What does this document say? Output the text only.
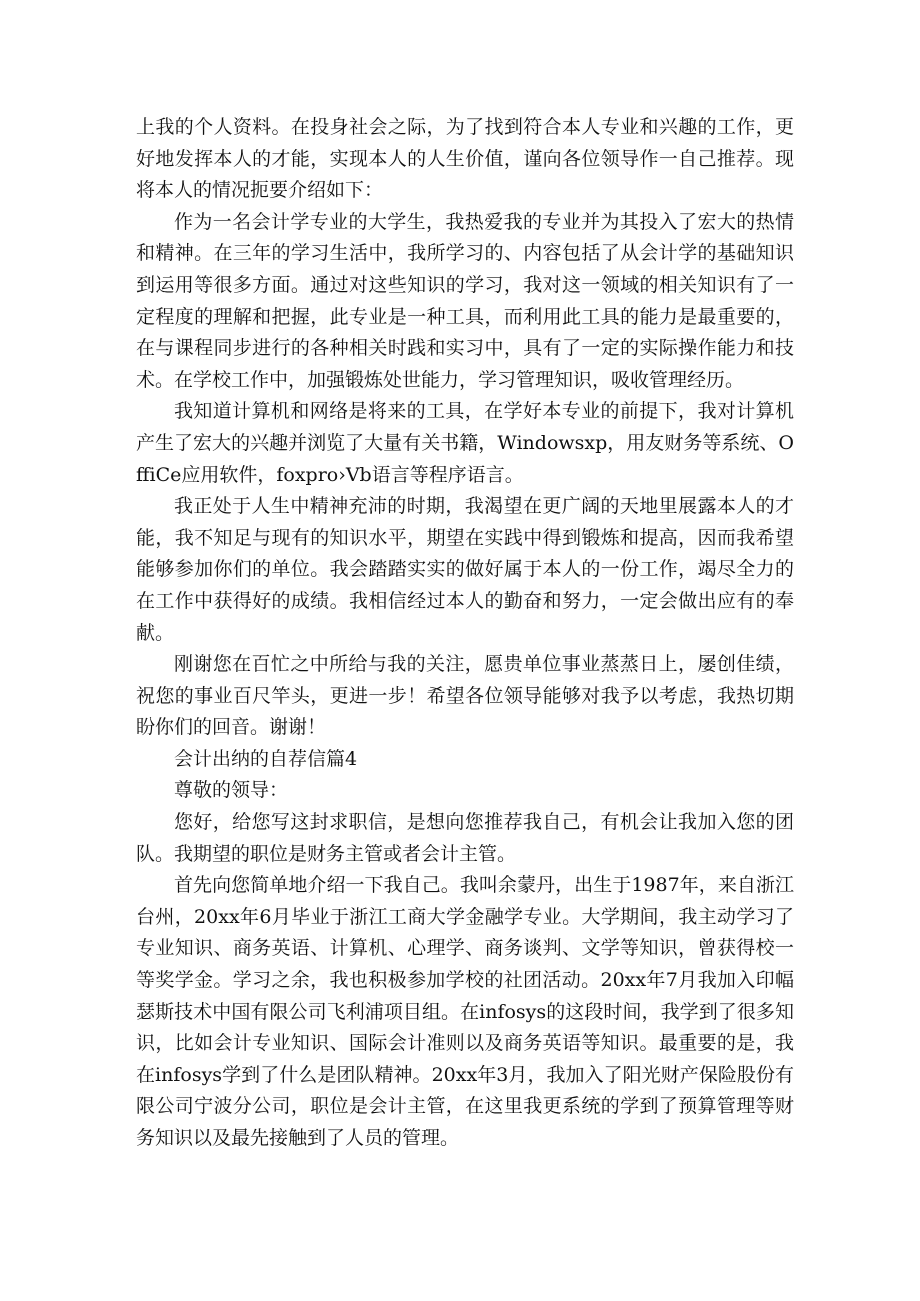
上我的个人资料。在投身社会之际，为了找到符合本人专业和兴趣的工作，更好地发挥本人的才能，实现本人的人生价值，谨向各位领导作一自己推荐。现将本人的情况扼要介绍如下：

作为一名会计学专业的大学生，我热爱我的专业并为其投入了宏大的热情和精神。在三年的学习生活中，我所学习的、内容包括了从会计学的基础知识到运用等很多方面。通过对这些知识的学习，我对这一领域的相关知识有了一定程度的理解和把握，此专业是一种工具，而利用此工具的能力是最重要的，在与课程同步进行的各种相关时践和实习中，具有了一定的实际操作能力和技术。在学校工作中，加强锻炼处世能力，学习管理知识，吸收管理经历。

我知道计算机和网络是将来的工具，在学好本专业的前提下，我对计算机产生了宏大的兴趣并浏览了大量有关书籍，Windowsxp，用友财务等系统、OffiCe应用软件，foxpro›Vb语言等程序语言。

我正处于人生中精神充沛的时期，我渴望在更广阔的天地里展露本人的才能，我不知足与现有的知识水平，期望在实践中得到锻炼和提高，因而我希望能够参加你们的单位。我会踏踏实实的做好属于本人的一份工作，竭尽全力的在工作中获得好的成绩。我相信经过本人的勤奋和努力，一定会做出应有的奉献。

刚谢您在百忙之中所给与我的关注，愿贵单位事业蒸蒸日上，屡创佳绩，祝您的事业百尺竿头，更进一步！希望各位领导能够对我予以考虑，我热切期盼你们的回音。谢谢！

会计出纳的自荐信篇4

尊敬的领导：

您好，给您写这封求职信，是想向您推荐我自己，有机会让我加入您的团队。我期望的职位是财务主管或者会计主管。

首先向您简单地介绍一下我自己。我叫余蒙丹，出生于1987年，来自浙江台州，20xx年6月毕业于浙江工商大学金融学专业。大学期间，我主动学习了专业知识、商务英语、计算机、心理学、商务谈判、文学等知识，曾获得校一等奖学金。学习之余，我也积极参加学校的社团活动。20xx年7月我加入印幅瑟斯技术中国有限公司飞利浦项目组。在infosys的这段时间，我学到了很多知识，比如会计专业知识、国际会计准则以及商务英语等知识。最重要的是，我在infosys学到了什么是团队精神。20xx年3月，我加入了阳光财产保险股份有限公司宁波分公司，职位是会计主管，在这里我更系统的学到了预算管理等财务知识以及最先接触到了人员的管理。
